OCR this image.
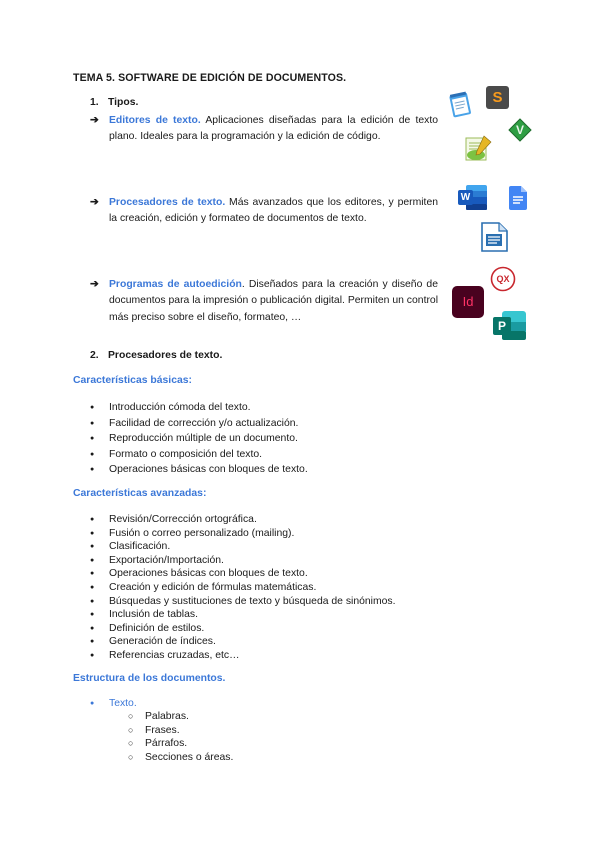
TEMA 5. SOFTWARE DE EDICIÓN DE DOCUMENTOS.
1. Tipos.
➔ Editores de texto. Aplicaciones diseñadas para la edición de texto plano. Ideales para la programación y la edición de código.
➔ Procesadores de texto. Más avanzados que los editores, y permiten la creación, edición y formateo de documentos de texto.
➔ Programas de autoedición. Diseñados para la creación y diseño de documentos para la impresión o publicación digital. Permiten un control más preciso sobre el diseño, formateo, …
2. Procesadores de texto.
Características básicas:
● Introducción cómoda del texto.
● Facilidad de corrección y/o actualización.
● Reproducción múltiple de un documento.
● Formato o composición del texto.
● Operaciones básicas con bloques de texto.
Características avanzadas:
● Revisión/Corrección ortográfica.
● Fusión o correo personalizado (mailing).
● Clasificación.
● Exportación/Importación.
● Operaciones básicas con bloques de texto.
● Creación y edición de fórmulas matemáticas.
● Búsquedas y sustituciones de texto y búsqueda de sinónimos.
● Inclusión de tablas.
● Definición de estilos.
● Generación de índices.
● Referencias cruzadas, etc…
Estructura de los documentos.
● Texto.
○ Palabras.
○ Frases.
○ Párrafos.
○ Secciones o áreas.
S
V
W
QX
Id
P
